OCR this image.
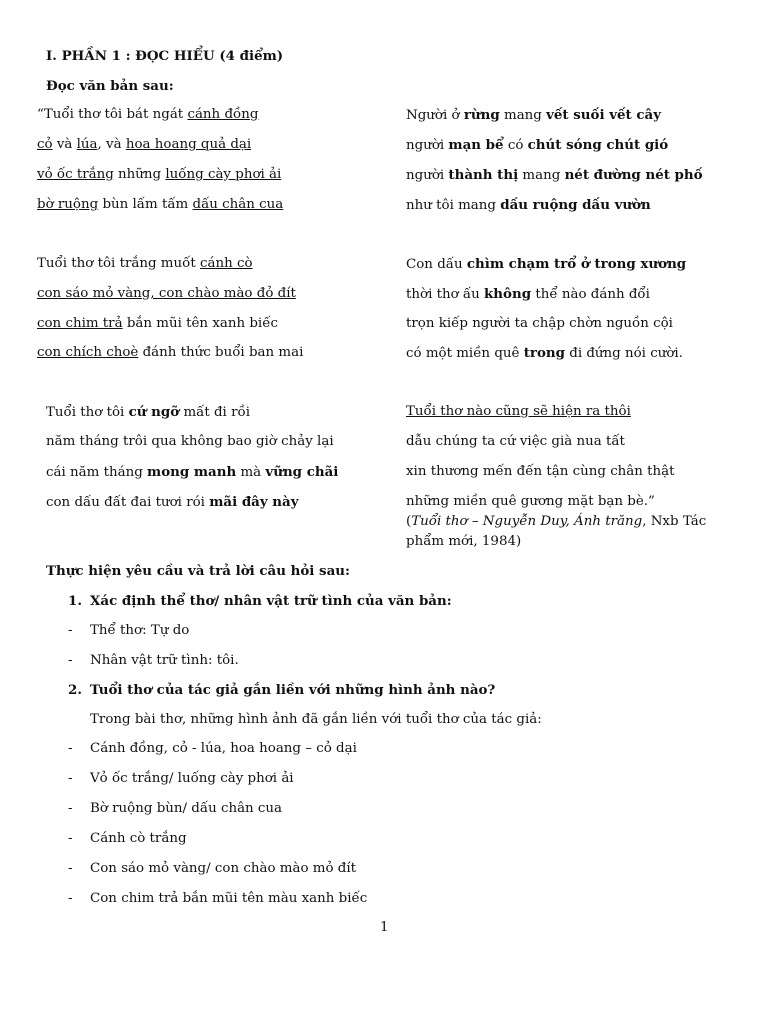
I. PHẦN 1 : ĐỌC HIỂU (4 điểm)
Đọc văn bản sau:
“Tuổi thơ tôi bát ngát cánh đồng
cỏ và lúa, và hoa hoang quả dại
vỏ ốc trắng những luống cày phơi ải
bờ ruộng bùn lấm tấm dấu chân cua
Tuổi thơ tôi trắng muốt cánh cò
con sáo mỏ vàng, con chào mào đỏ đít
con chim trả bắn mũi tên xanh biếc
con chích choè đánh thức buổi ban mai
Tuổi thơ tôi cứ ngỡ mất đi rồi
năm tháng trôi qua không bao giờ chảy lại
cái năm tháng mong manh mà vững chãi
con dấu đất đai tươi rói mãi đây này
Người ở rừng mang vết suối vết cây
người mạn bể có chút sóng chút gió
người thành thị mang nét đường nét phố
như tôi mang dấu ruộng dấu vườn
Con dấu chìm chạm trổ ở trong xương
thời thơ ấu không thể nào đánh đổi
trọn kiếp người ta chập chờn nguồn cội
có một miền quê trong đi đứng nói cười.
Tuổi thơ nào cũng sẽ hiện ra thôi
dẫu chúng ta cứ việc già nua tất
xin thương mến đến tận cùng chân thật
những miền quê gương mặt bạn bè.”
(Tuổi thơ – Nguyễn Duy, Ánh trăng, Nxb Tác
phẩm mới, 1984)
Thực hiện yêu cầu và trả lời câu hỏi sau:
1. Xác định thể thơ/ nhân vật trữ tình của văn bản:
- Thể thơ: Tự do
- Nhân vật trữ tình: tôi.
2. Tuổi thơ của tác giả gắn liền với những hình ảnh nào?
Trong bài thơ, những hình ảnh đã gắn liền với tuổi thơ của tác giả:
- Cánh đồng, cỏ - lúa, hoa hoang – cỏ dại
- Vỏ ốc trắng/ luống cày phơi ải
- Bờ ruộng bùn/ dấu chân cua
- Cánh cò trắng
- Con sáo mỏ vàng/ con chào mào mỏ đít
- Con chim trả bắn mũi tên màu xanh biếc
1
